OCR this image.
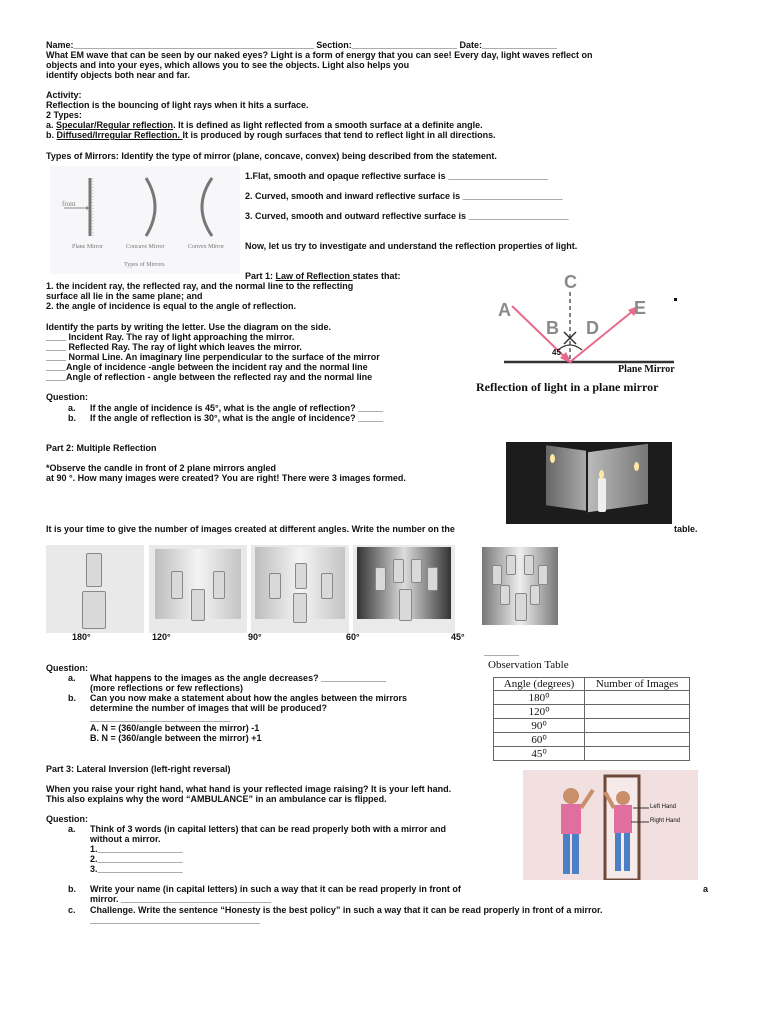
Name:________________________________________________ Section:_____________________ Date:_______________
What EM wave that can be seen by our naked eyes? Light is a form of energy that you can see! Every day, light waves reflect on
objects and into your eyes, which allows you to see the objects. Light also helps you
identify objects both near and far.
Activity:
Reflection is the bouncing of light rays when it hits a surface.
2 Types:
a. Specular/Regular reflection. It is defined as light reflected from a smooth surface at a definite angle.
b. Diffused/Irregular Reflection. It is produced by rough surfaces that tend to reflect light in all directions.
Types of Mirrors: Identify the type of mirror (plane, concave, convex) being described from the statement.
front
Plane Mirror	Concave Mirror	Convex Mirror
Types of Mirrors
1.Flat, smooth and opaque reflective surface is ____________________
2. Curved, smooth and inward reflective surface is ____________________
3. Curved, smooth and outward reflective surface is ____________________
Now, let us try to investigate and understand the reflection properties of light.
Part 1: Law of Reflection states that:
1. the incident ray, the reflected ray, and the normal line to the reflecting
surface all lie in the same plane; and
2. the angle of incidence is equal to the angle of reflection.
Identify the parts by writing the letter. Use the diagram on the side.
____ Incident Ray. The ray of light approaching the mirror.
____ Reflected Ray. The ray of light which leaves the mirror.
____ Normal Line. An imaginary line perpendicular to the surface of the mirror
____Angle of incidence -angle between the incident ray and the normal line
____Angle of reflection - angle between the reflected ray and the normal line
Question:
a. If the angle of incidence is 45°, what is the angle of reflection? _____
b. If the angle of reflection is 30°, what is the angle of incidence? _____
A
B
C
D
E
45
Plane Mirror
Reflection of light in a plane mirror
Part 2: Multiple Reflection
*Observe the candle in front of 2 plane mirrors angled
at 90 °. How many images were created? You are right! There were 3 images formed.
It is your time to give the number of images created at different angles. Write the number on the	table.
180°	120°	90°	60°	45°
_______
Question:
a. What happens to the images as the angle decreases? _____________
(more reflections or few reflections)
b. Can you now make a statement about how the angles between the mirrors
determine the number of images that will be produced?
____________________________
A. N = (360/angle between the mirror) -1
B. N = (360/angle between the mirror) +1
Observation Table
Angle (degrees)	Number of Images
180⁰	
120⁰	
90⁰	
60⁰	
45⁰	
Part 3: Lateral Inversion (left-right reversal)
When you raise your right hand, what hand is your reflected image raising? It is your left hand.
This also explains why the word “AMBULANCE” in an ambulance car is flipped.
Question:
a. Think of 3 words (in capital letters) that can be read properly both with a mirror and
without a mirror.
1._________________
2._________________
3._________________
b. Write your name (in capital letters) in such a way that it can be read properly in front of	a
mirror. ______________________________
c. Challenge. Write the sentence “Honesty is the best policy” in such a way that it can be read properly in front of a mirror.
__________________________________
Left Hand
Right Hand
